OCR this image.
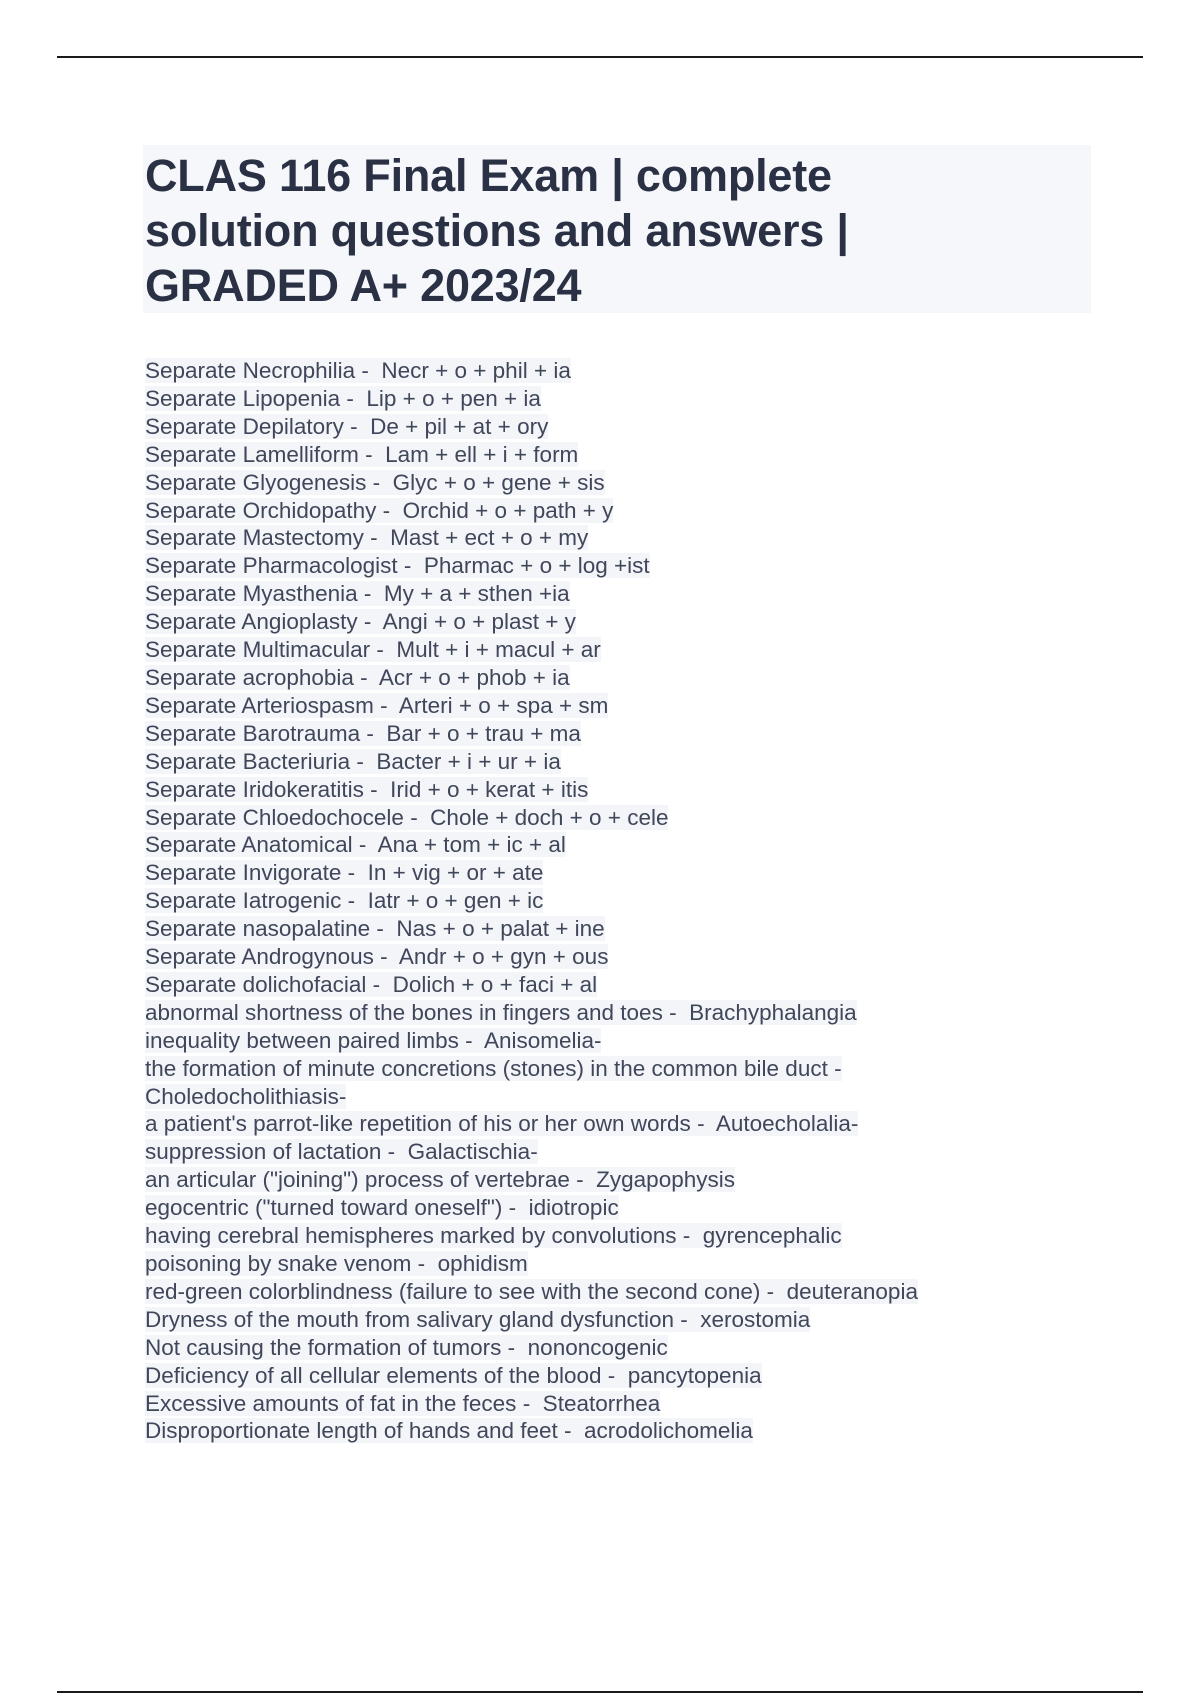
CLAS 116 Final Exam | complete
solution questions and answers |
GRADED A+ 2023/24
Separate Necrophilia -  Necr + o + phil + ia
Separate Lipopenia -  Lip + o + pen + ia
Separate Depilatory -  De + pil + at + ory
Separate Lamelliform -  Lam + ell + i + form
Separate Glyogenesis -  Glyc + o + gene + sis
Separate Orchidopathy -  Orchid + o + path + y
Separate Mastectomy -  Mast + ect + o + my
Separate Pharmacologist -  Pharmac + o + log +ist
Separate Myasthenia -  My + a + sthen +ia
Separate Angioplasty -  Angi + o + plast + y
Separate Multimacular -  Mult + i + macul + ar
Separate acrophobia -  Acr + o + phob + ia
Separate Arteriospasm -  Arteri + o + spa + sm
Separate Barotrauma -  Bar + o + trau + ma
Separate Bacteriuria -  Bacter + i + ur + ia
Separate Iridokeratitis -  Irid + o + kerat + itis
Separate Chloedochocele -  Chole + doch + o + cele
Separate Anatomical -  Ana + tom + ic + al
Separate Invigorate -  In + vig + or + ate
Separate Iatrogenic -  Iatr + o + gen + ic
Separate nasopalatine -  Nas + o + palat + ine
Separate Androgynous -  Andr + o + gyn + ous
Separate dolichofacial -  Dolich + o + faci + al
abnormal shortness of the bones in fingers and toes -  Brachyphalangia
inequality between paired limbs -  Anisomelia-
the formation of minute concretions (stones) in the common bile duct -
Choledocholithiasis-
a patient's parrot-like repetition of his or her own words -  Autoecholalia-
suppression of lactation -  Galactischia-
an articular ("joining") process of vertebrae -  Zygapophysis
egocentric ("turned toward oneself") -  idiotropic
having cerebral hemispheres marked by convolutions -  gyrencephalic
poisoning by snake venom -  ophidism
red-green colorblindness (failure to see with the second cone) -  deuteranopia
Dryness of the mouth from salivary gland dysfunction -  xerostomia
Not causing the formation of tumors -  nononcogenic
Deficiency of all cellular elements of the blood -  pancytopenia
Excessive amounts of fat in the feces -  Steatorrhea
Disproportionate length of hands and feet -  acrodolichomelia
